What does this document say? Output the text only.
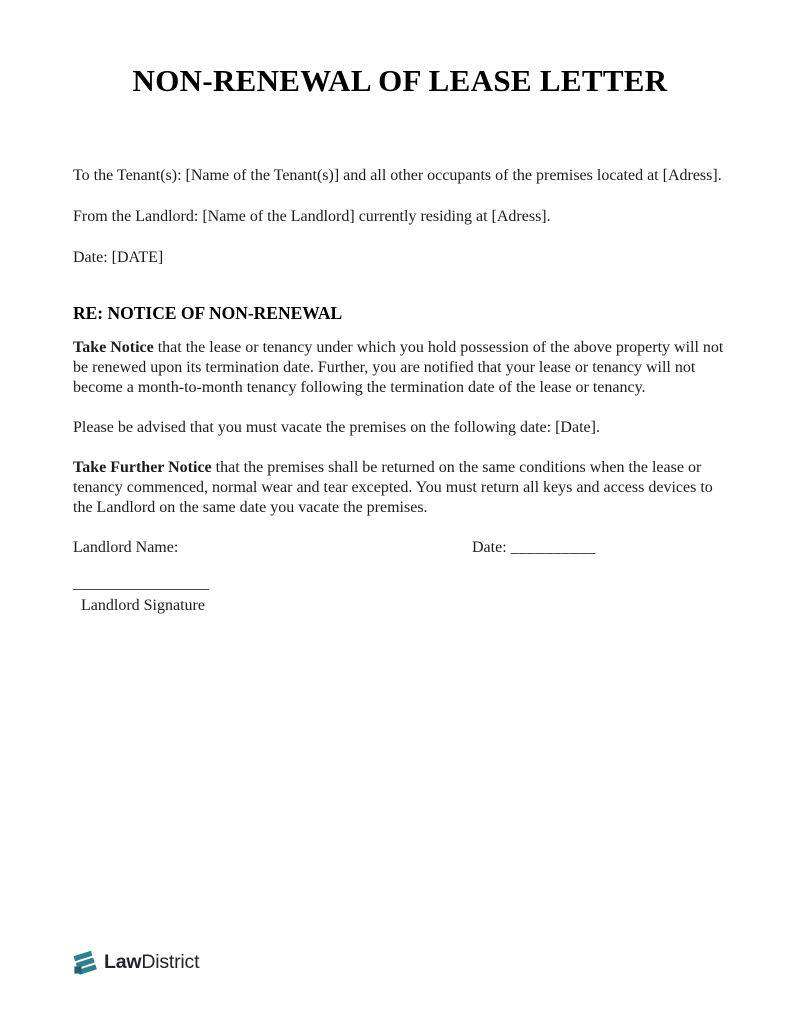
NON-RENEWAL OF LEASE LETTER

To the Tenant(s): [Name of the Tenant(s)] and all other occupants of the premises located at [Adress].

From the Landlord: [Name of the Landlord] currently residing at [Adress].

Date: [DATE]

RE: NOTICE OF NON-RENEWAL

Take Notice that the lease or tenancy under which you hold possession of the above property will not be renewed upon its termination date. Further, you are notified that your lease or tenancy will not become a month-to-month tenancy following the termination date of the lease or tenancy.

Please be advised that you must vacate the premises on the following date: [Date].

Take Further Notice that the premises shall be returned on the same conditions when the lease or tenancy commenced, normal wear and tear excepted. You must return all keys and access devices to the Landlord on the same date you vacate the premises.

Landlord Name:	Date: __________
_________________
Landlord Signature
LawDistrict
